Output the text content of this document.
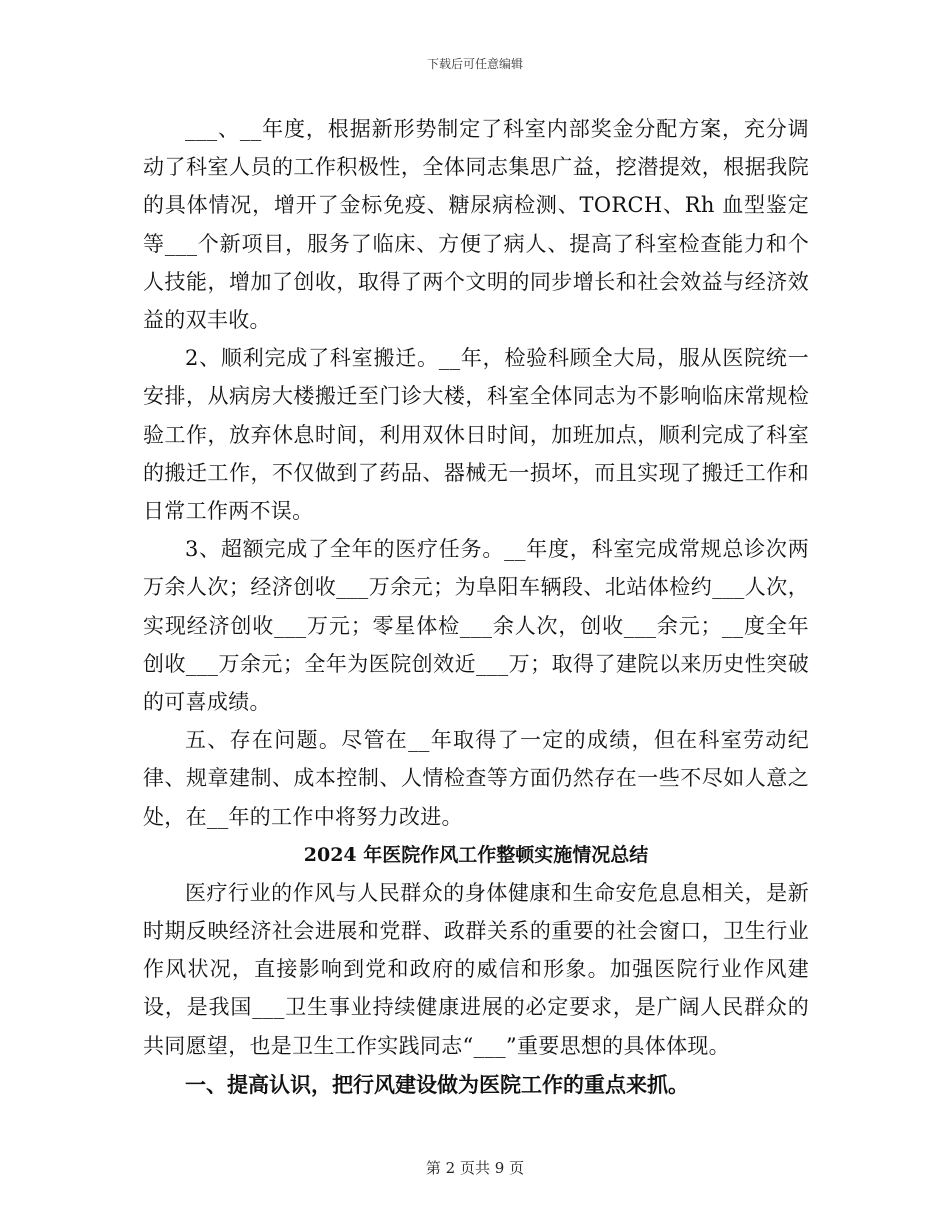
下载后可任意编辑

___、__年度，根据新形势制定了科室内部奖金分配方案，充分调动了科室人员的工作积极性，全体同志集思广益，挖潜提效，根据我院的具体情况，增开了金标免疫、糖尿病检测、TORCH、Rh 血型鉴定等___个新项目，服务了临床、方便了病人、提高了科室检查能力和个人技能，增加了创收，取得了两个文明的同步增长和社会效益与经济效益的双丰收。

2、顺利完成了科室搬迁。__年，检验科顾全大局，服从医院统一安排，从病房大楼搬迁至门诊大楼，科室全体同志为不影响临床常规检验工作，放弃休息时间，利用双休日时间，加班加点，顺利完成了科室的搬迁工作，不仅做到了药品、器械无一损坏，而且实现了搬迁工作和日常工作两不误。

3、超额完成了全年的医疗任务。__年度，科室完成常规总诊次两万余人次；经济创收___万余元；为阜阳车辆段、北站体检约___人次，实现经济创收___万元；零星体检___余人次，创收___余元；__度全年创收___万余元；全年为医院创效近___万；取得了建院以来历史性突破的可喜成绩。

五、存在问题。尽管在__年取得了一定的成绩，但在科室劳动纪律、规章建制、成本控制、人情检查等方面仍然存在一些不尽如人意之处，在__年的工作中将努力改进。

2024 年医院作风工作整顿实施情况总结

医疗行业的作风与人民群众的身体健康和生命安危息息相关，是新时期反映经济社会进展和党群、政群关系的重要的社会窗口，卫生行业作风状况，直接影响到党和政府的威信和形象。加强医院行业作风建设，是我国___卫生事业持续健康进展的必定要求，是广阔人民群众的共同愿望，也是卫生工作实践同志“___”重要思想的具体体现。

一、提高认识，把行风建设做为医院工作的重点来抓。

第 2 页共 9 页
